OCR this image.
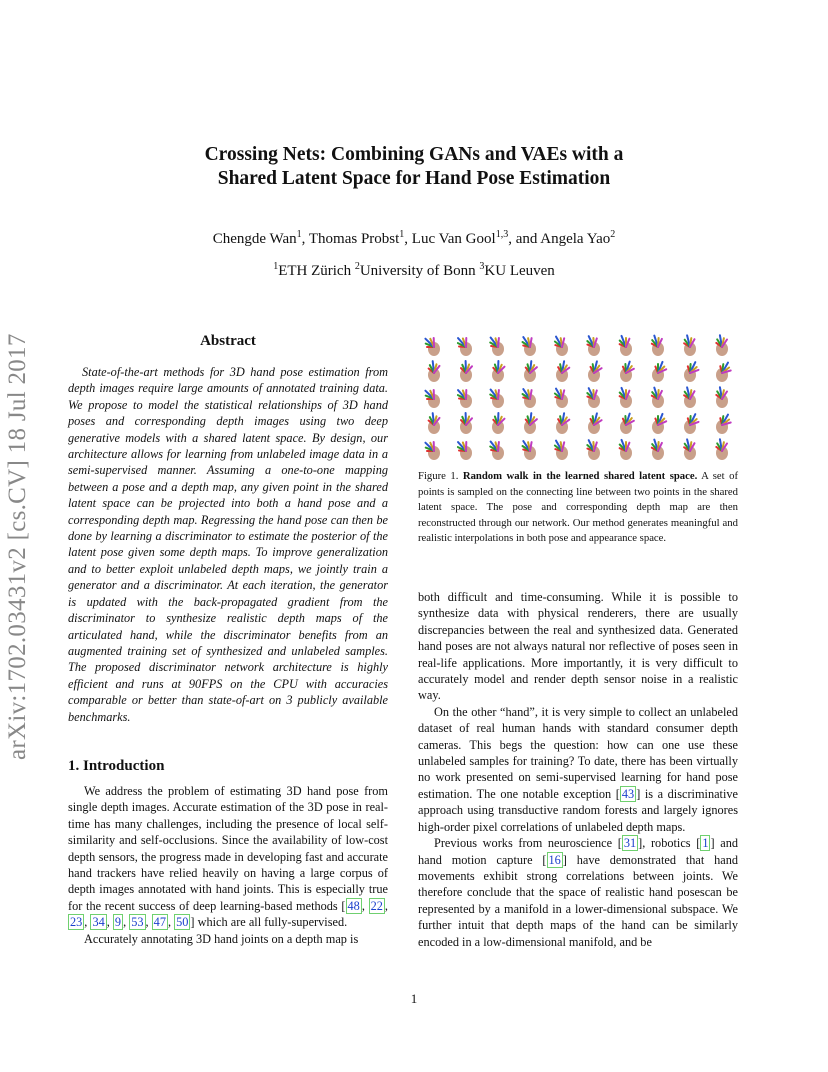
arXiv:1702.03431v2 [cs.CV] 18 Jul 2017
Crossing Nets: Combining GANs and VAEs with a
Shared Latent Space for Hand Pose Estimation
Chengde Wan$^1$, Thomas Probst$^1$, Luc Van Gool$^{1,3}$, and Angela Yao$^2$
$^1$ETH Zürich $^2$University of Bonn $^3$KU Leuven
Abstract
State-of-the-art methods for 3D hand pose estimation from depth images require large amounts of annotated training data. We propose to model the statistical relationships of 3D hand poses and corresponding depth images using two deep generative models with a shared latent space. By design, our architecture allows for learning from unlabeled image data in a semi-supervised manner. Assuming a one-to-one mapping between a pose and a depth map, any given point in the shared latent space can be projected into both a hand pose and a corresponding depth map. Regressing the hand pose can then be done by learning a discriminator to estimate the posterior of the latent pose given some depth maps. To improve generalization and to better exploit unlabeled depth maps, we jointly train a generator and a discriminator. At each iteration, the generator is updated with the back-propagated gradient from the discriminator to synthesize realistic depth maps of the articulated hand, while the discriminator benefits from an augmented training set of synthesized and unlabeled samples. The proposed discriminator network architecture is highly efficient and runs at 90FPS on the CPU with accuracies comparable or better than state-of-art on 3 publicly available benchmarks.
1. Introduction

We address the problem of estimating 3D hand pose from single depth images. Accurate estimation of the 3D pose in real-time has many challenges, including the presence of local self-similarity and self-occlusions. Since the availability of low-cost depth sensors, the progress made in developing fast and accurate hand trackers have relied heavily on having a large corpus of depth images annotated with hand joints. This is especially true for the recent success of deep learning-based methods [ 48 , 22 , 23 , 34 , 9 , 53 , 47 , 50 ] which are all fully-supervised.

Accurately annotating 3D hand joints on a depth map is

Figure 1. Random walk in the learned shared latent space. A set of points is sampled on the connecting line between two points in the shared latent space. The pose and corresponding depth map are then reconstructed through our network. Our method generates meaningful and realistic interpolations in both pose and appearance space.

both difficult and time-consuming. While it is possible to synthesize data with physical renderers, there are usually discrepancies between the real and synthesized data. Generated hand poses are not always natural nor reflective of poses seen in real-life applications. More importantly, it is very difficult to accurately model and render depth sensor noise in a realistic way.

On the other “hand”, it is very simple to collect an unlabeled dataset of real human hands with standard consumer depth cameras. This begs the question: how can one use these unlabeled samples for training? To date, there has been virtually no work presented on semi-supervised learning for hand pose estimation. The one notable exception [ 43 ] is a discriminative approach using transductive random forests and largely ignores high-order pixel correlations of unlabeled depth maps.

Previous works from neuroscience [ 31 ], robotics [ 1 ] and hand motion capture [ 16 ] have demonstrated that hand movements exhibit strong correlations between joints. We therefore conclude that the space of realistic hand posescan be represented by a manifold in a lower-dimensional subspace. We further intuit that depth maps of the hand can be similarly encoded in a low-dimensional manifold, and be

1
